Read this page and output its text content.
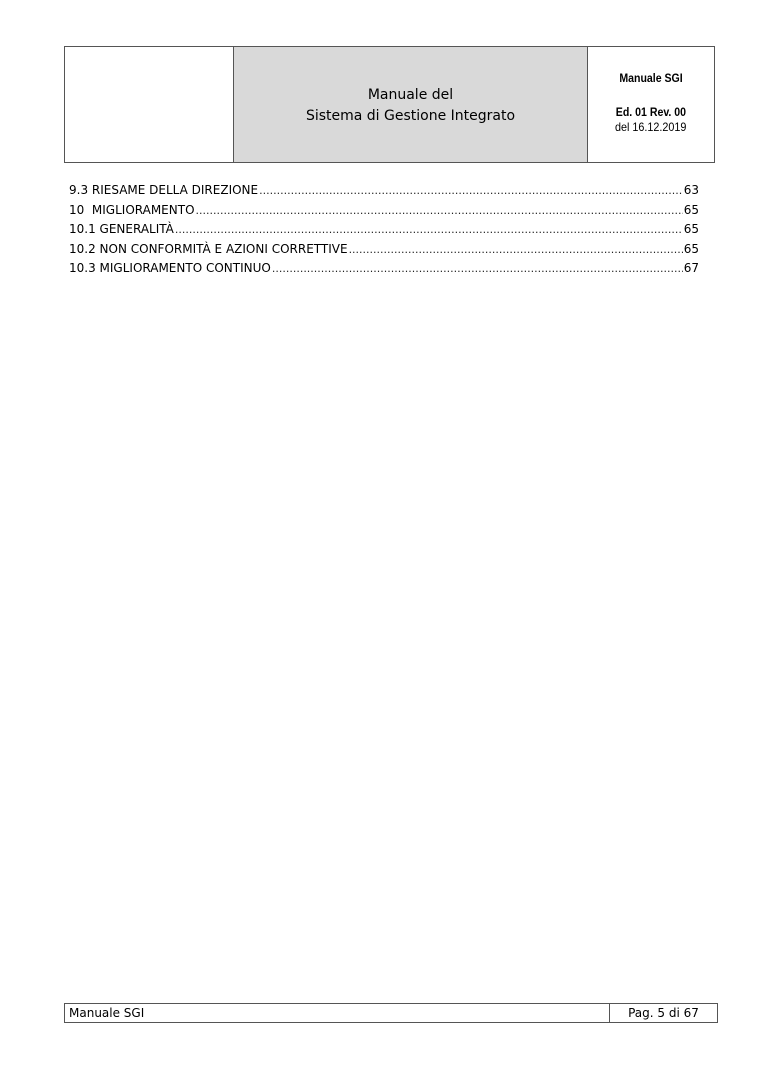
Manuale del
Sistema di Gestione Integrato
Manuale SGI
Ed. 01 Rev. 00
del 16.12.2019
9.3 RIESAME DELLA DIREZIONE .....	63
10  MIGLIORAMENTO .....	65
10.1 GENERALITÀ .....	65
10.2 NON CONFORMITÀ E AZIONI CORRETTIVE .....	65
10.3 MIGLIORAMENTO CONTINUO .....	67
Manuale SGI	Pag. 5 di 67
